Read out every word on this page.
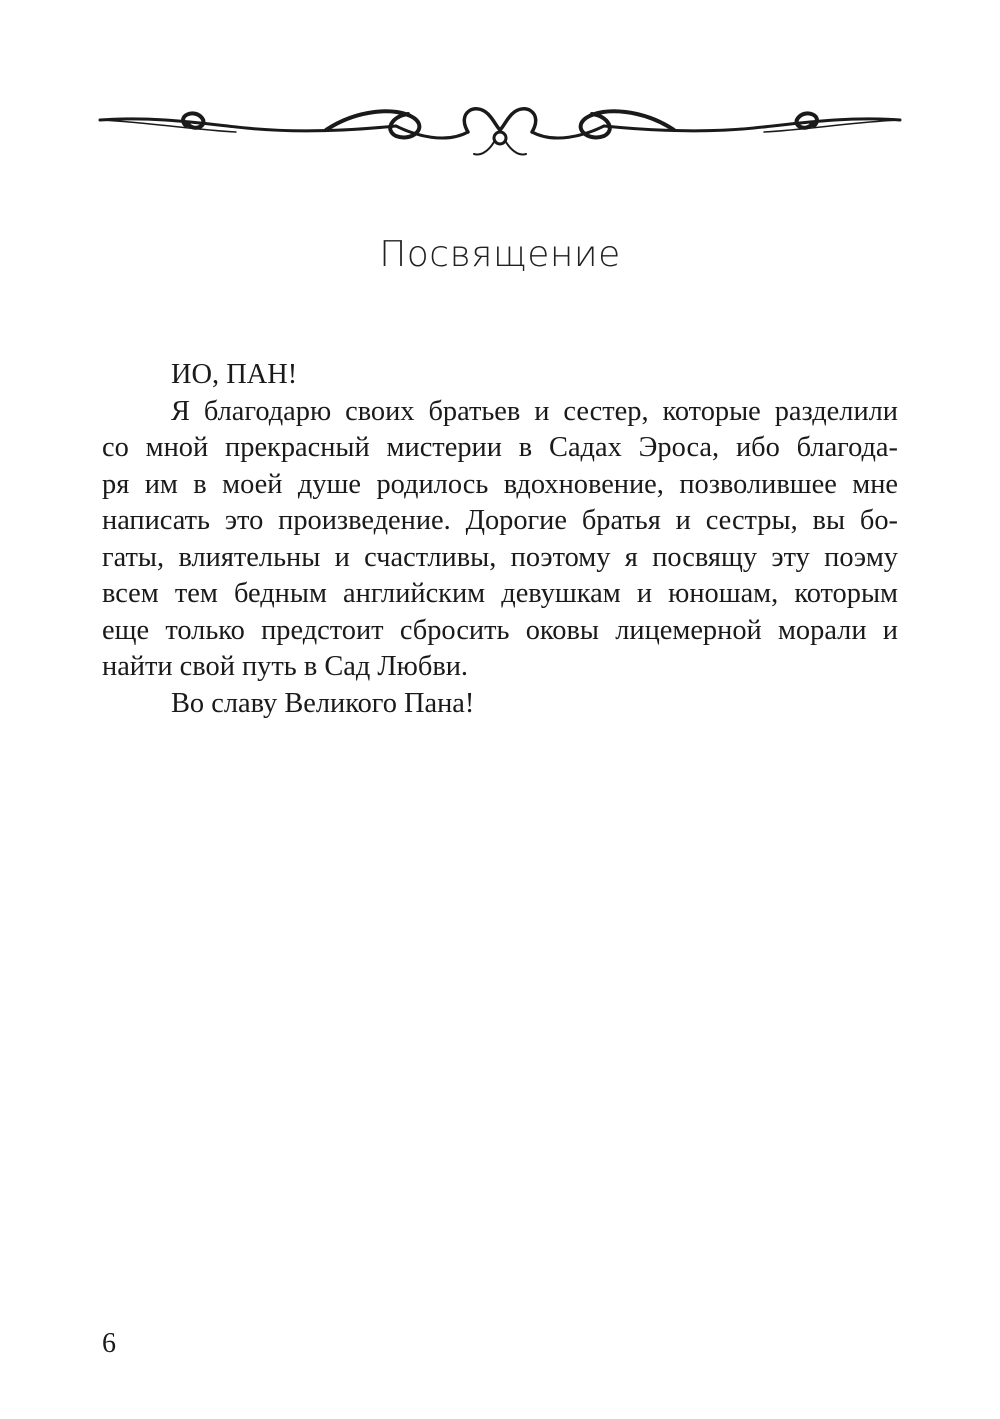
Посвящение
ИО, ПАН!
Я благодарю своих братьев и сестер, которые разделили
со мной прекрасный мистерии в Садах Эроса, ибо благода-
ря им в моей душе родилось вдохновение, позволившее мне
написать это произведение. Дорогие братья и сестры, вы бо-
гаты, влиятельны и счастливы, поэтому я посвящу эту поэму
всем тем бедным английским девушкам и юношам, которым
еще только предстоит сбросить оковы лицемерной морали и
найти свой путь в Сад Любви.
Во славу Великого Пана!
6
